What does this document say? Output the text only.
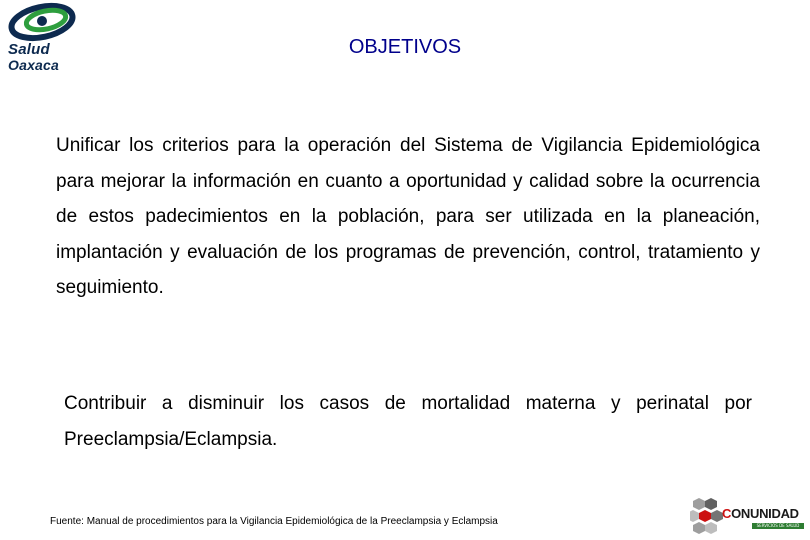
Salud
Oaxaca
OBJETIVOS

Unificar los criterios para la operación del Sistema de Vigilancia Epidemiológica para mejorar la información en cuanto a oportunidad y calidad sobre la ocurrencia de estos padecimientos en la población, para ser utilizada en la planeación, implantación y evaluación de los programas de prevención, control, tratamiento y seguimiento.

Contribuir a disminuir los casos de mortalidad materna y perinatal por Preeclampsia/Eclampsia.

Fuente: Manual de procedimientos para la Vigilancia Epidemiológica de la Preeclampsia y Eclampsia

CONUNIDAD
SERVICIOS DE SALUD
